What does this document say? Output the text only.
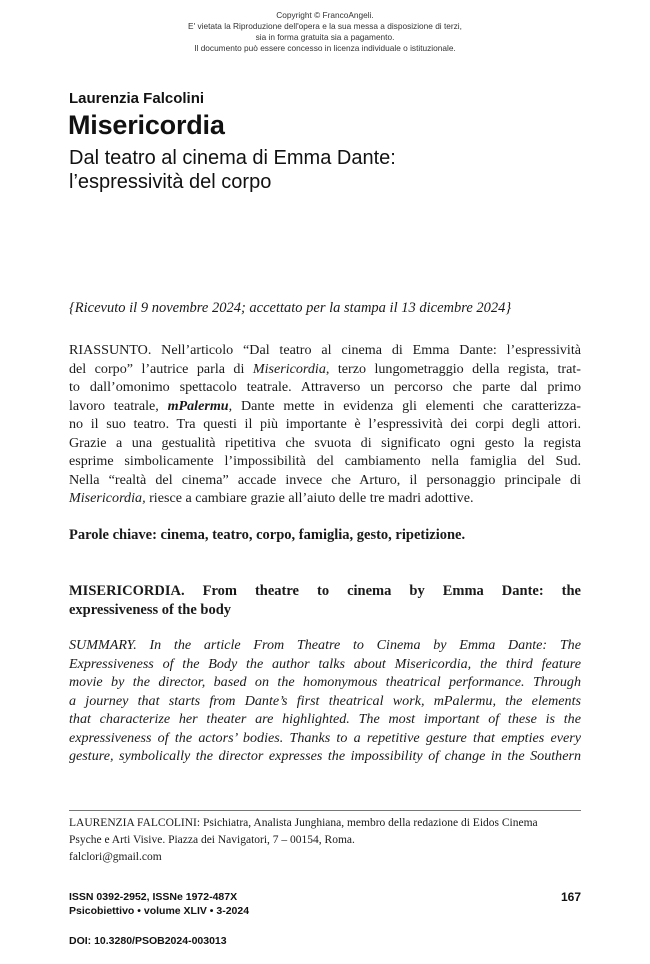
Copyright © FrancoAngeli.
E' vietata la Riproduzione dell'opera e la sua messa a disposizione di terzi,
sia in forma gratuita sia a pagamento.
Il documento può essere concesso in licenza individuale o istituzionale.
Laurenzia Falcolini
Misericordia
Dal teatro al cinema di Emma Dante:
l’espressività del corpo
{Ricevuto il 9 novembre 2024; accettato per la stampa il 13 dicembre 2024}
RIASSUNTO. Nell’articolo “Dal teatro al cinema di Emma Dante: l’espressività
del corpo” l’autrice parla di Misericordia, terzo lungometraggio della regista, trat-
to dall’omonimo spettacolo teatrale. Attraverso un percorso che parte dal primo
lavoro teatrale, mPalermu, Dante mette in evidenza gli elementi che caratterizza-
no il suo teatro. Tra questi il più importante è l’espressività dei corpi degli attori.
Grazie a una gestualità ripetitiva che svuota di significato ogni gesto la regista
esprime simbolicamente l’impossibilità del cambiamento nella famiglia del Sud.
Nella “realtà del cinema” accade invece che Arturo, il personaggio principale di
Misericordia, riesce a cambiare grazie all’aiuto delle tre madri adottive.
Parole chiave: cinema, teatro, corpo, famiglia, gesto, ripetizione.
MISERICORDIA. From theatre to cinema by Emma Dante: the
expressiveness of the body
SUMMARY. In the article From Theatre to Cinema by Emma Dante: The
Expressiveness of the Body the author talks about Misericordia, the third feature
movie by the director, based on the homonymous theatrical performance. Through
a journey that starts from Dante’s first theatrical work, mPalermu, the elements
that characterize her theater are highlighted. The most important of these is the
expressiveness of the actors’ bodies. Thanks to a repetitive gesture that empties every
gesture, symbolically the director expresses the impossibility of change in the Southern
LAURENZIA FALCOLINI: Psichiatra, Analista Junghiana, membro della redazione di Eidos Cinema
Psyche e Arti Visive. Piazza dei Navigatori, 7 – 00154, Roma.
falclori@gmail.com
ISSN 0392-2952, ISSNe 1972-487X
Psicobiettivo • volume XLIV • 3-2024
167
DOI: 10.3280/PSOB2024-003013
